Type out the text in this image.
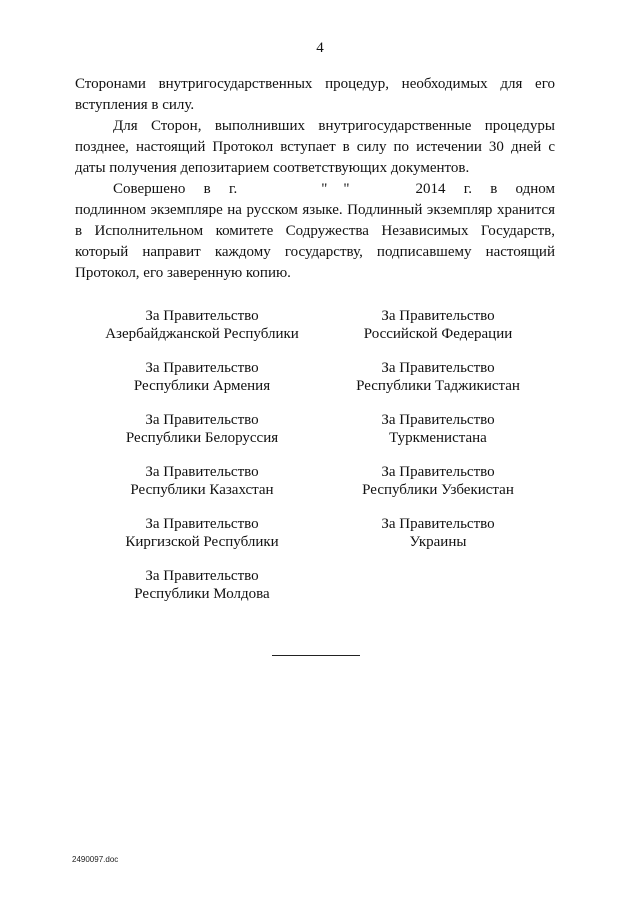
4

Сторонами внутригосударственных процедур, необходимых для его вступления в силу.

Для Сторон, выполнивших внутригосударственные процедуры позднее, настоящий Протокол вступает в силу по истечении 30 дней с даты получения депозитарием соответствующих документов.

Совершено в г.	" "	2014 г. в одном подлинном экземпляре на русском языке. Подлинный экземпляр хранится в Исполнительном комитете Содружества Независимых Государств, который направит каждому государству, подписавшему настоящий Протокол, его заверенную копию.

За Правительство
Азербайджанской Республики
За Правительство
Республики Армения
За Правительство
Республики Белоруссия
За Правительство
Республики Казахстан
За Правительство
Киргизской Республики
За Правительство
Республики Молдова
За Правительство
Российской Федерации
За Правительство
Республики Таджикистан
За Правительство
Туркменистана
За Правительство
Республики Узбекистан
За Правительство
Украины
2490097.doc
